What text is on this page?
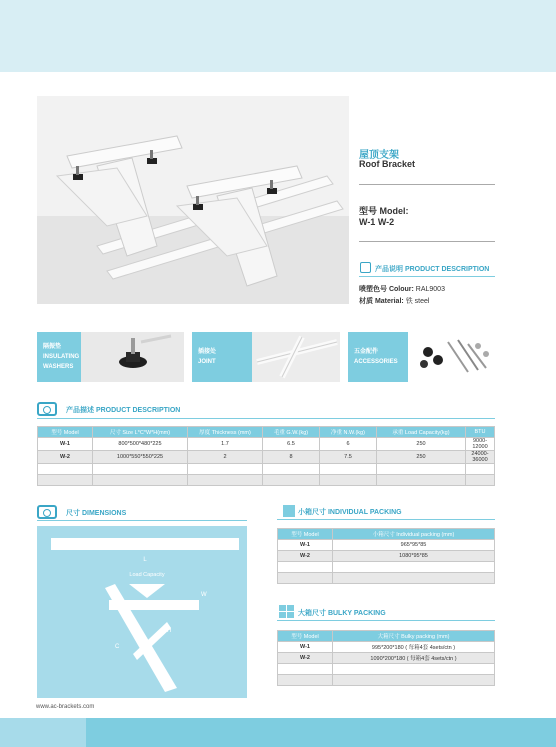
屋顶支架
Roof Bracket
型号 Model:
W-1 W-2
产品说明 PRODUCT DESCRIPTION
喷塑色号 Colour: RAL9003
材质 Material: 铁 steel
隔振垫
INSULATING
WASHERS
插接处
JOINT
五金配件
ACCESSORIES
产品描述 PRODUCT DESCRIPTION
型号 Model	尺寸 Size L*C*W*H(mm)	厚度 Thickness (mm)	毛重 G.W.(kg)	净重 N.W.(kg)	承重 Load Capacity(kg)	BTU
W-1	800*500*480*225	1.7	6.5	6	250	9000-12000
W-2	1000*550*550*225	2	8	7.5	250	24000-36000

尺寸 DIMENSIONS
L
Load Capacity
W
H
C
小箱尺寸 INDIVIDUAL PACKING
型号 Model	小箱尺寸 Individual packing (mm)
W-1	965*95*85
W-2	1080*95*85

大箱尺寸 BULKY PACKING
型号 Model	大箱尺寸 Bulky packing (mm)
W-1	995*200*180 ( 每箱4套 4sets/ctn )
W-2	1090*200*180 ( 每箱4套 4sets/ctn )

www.ac-brackets.com
